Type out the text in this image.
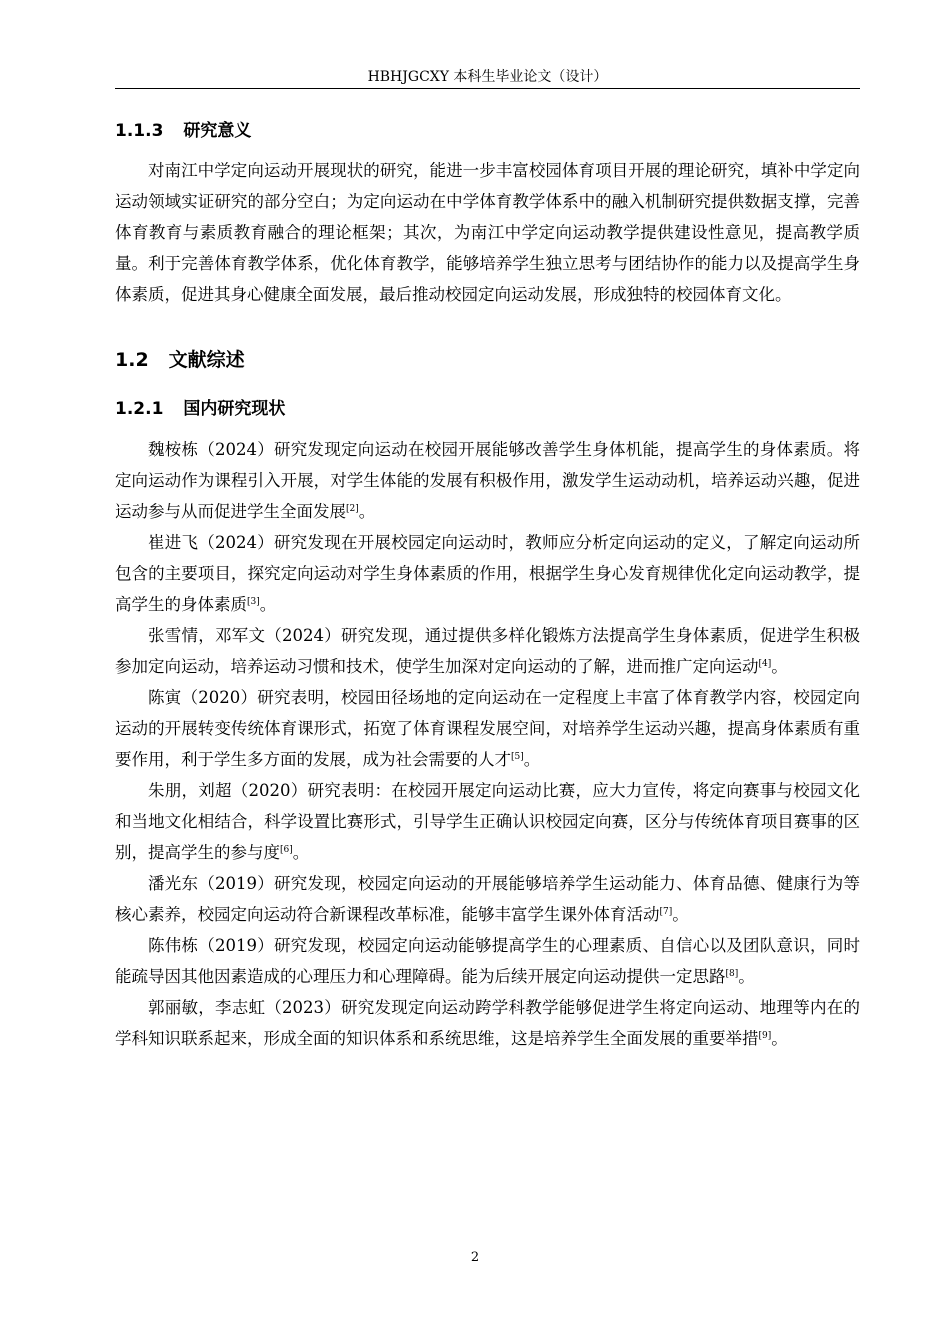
HBHJGCXY 本科生毕业论文（设计）
1.1.3 研究意义

对南江中学定向运动开展现状的研究，能进一步丰富校园体育项目开展的理论研究，填补中学定向运动领域实证研究的部分空白；为定向运动在中学体育教学体系中的融入机制研究提供数据支撑，完善体育教育与素质教育融合的理论框架；其次，为南江中学定向运动教学提供建设性意见，提高教学质量。利于完善体育教学体系，优化体育教学，能够培养学生独立思考与团结协作的能力以及提高学生身体素质，促进其身心健康全面发展，最后推动校园定向运动发展，形成独特的校园体育文化。

1.2 文献综述
1.2.1 国内研究现状

魏桉栋（2024）研究发现定向运动在校园开展能够改善学生身体机能，提高学生的身体素质。将定向运动作为课程引入开展，对学生体能的发展有积极作用，激发学生运动动机，培养运动兴趣，促进运动参与从而促进学生全面发展[2]。

崔进飞（2024）研究发现在开展校园定向运动时，教师应分析定向运动的定义，了解定向运动所包含的主要项目，探究定向运动对学生身体素质的作用，根据学生身心发育规律优化定向运动教学，提高学生的身体素质[3]。

张雪情，邓军文（2024）研究发现，通过提供多样化锻炼方法提高学生身体素质，促进学生积极参加定向运动，培养运动习惯和技术，使学生加深对定向运动的了解，进而推广定向运动[4]。

陈寅（2020）研究表明，校园田径场地的定向运动在一定程度上丰富了体育教学内容，校园定向运动的开展转变传统体育课形式，拓宽了体育课程发展空间，对培养学生运动兴趣，提高身体素质有重要作用，利于学生多方面的发展，成为社会需要的人才[5]。

朱朋，刘超（2020）研究表明：在校园开展定向运动比赛，应大力宣传，将定向赛事与校园文化和当地文化相结合，科学设置比赛形式，引导学生正确认识校园定向赛，区分与传统体育项目赛事的区别，提高学生的参与度[6]。

潘光东（2019）研究发现，校园定向运动的开展能够培养学生运动能力、体育品德、健康行为等核心素养，校园定向运动符合新课程改革标准，能够丰富学生课外体育活动[7]。

陈伟栋（2019）研究发现，校园定向运动能够提高学生的心理素质、自信心以及团队意识，同时能疏导因其他因素造成的心理压力和心理障碍。能为后续开展定向运动提供一定思路[8]。

郭丽敏，李志虹（2023）研究发现定向运动跨学科教学能够促进学生将定向运动、地理等内在的学科知识联系起来，形成全面的知识体系和系统思维，这是培养学生全面发展的重要举措[9]。

2
